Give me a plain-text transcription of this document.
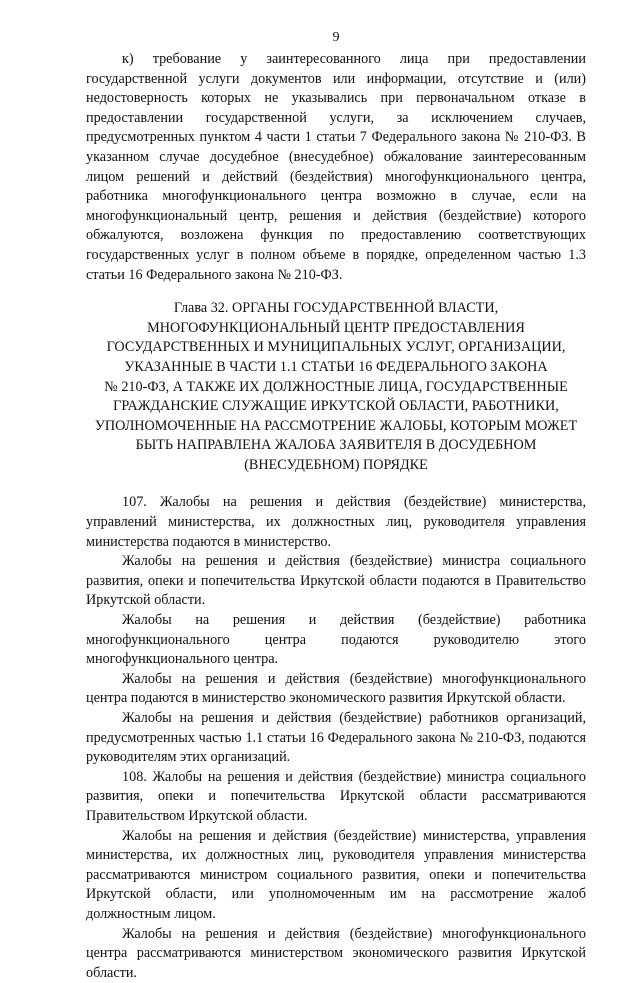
9

к) требование у заинтересованного лица при предоставлении государственной услуги документов или информации, отсутствие и (или) недостоверность которых не указывались при первоначальном отказе в предоставлении государственной услуги, за исключением случаев, предусмотренных пунктом 4 части 1 статьи 7 Федерального закона № 210-ФЗ. В указанном случае досудебное (внесудебное) обжалование заинтересованным лицом решений и действий (бездействия) многофункционального центра, работника многофункционального центра возможно в случае, если на многофункциональный центр, решения и действия (бездействие) которого обжалуются, возложена функция по предоставлению соответствующих государственных услуг в полном объеме в порядке, определенном частью 1.3 статьи 16 Федерального закона № 210-ФЗ.

Глава 32. ОРГАНЫ ГОСУДАРСТВЕННОЙ ВЛАСТИ,
МНОГОФУНКЦИОНАЛЬНЫЙ ЦЕНТР ПРЕДОСТАВЛЕНИЯ
ГОСУДАРСТВЕННЫХ И МУНИЦИПАЛЬНЫХ УСЛУГ, ОРГАНИЗАЦИИ,
УКАЗАННЫЕ В ЧАСТИ 1.1 СТАТЬИ 16 ФЕДЕРАЛЬНОГО ЗАКОНА
№ 210-ФЗ, А ТАКЖЕ ИХ ДОЛЖНОСТНЫЕ ЛИЦА, ГОСУДАРСТВЕННЫЕ
ГРАЖДАНСКИЕ СЛУЖАЩИЕ ИРКУТСКОЙ ОБЛАСТИ, РАБОТНИКИ,
УПОЛНОМОЧЕННЫЕ НА РАССМОТРЕНИЕ ЖАЛОБЫ, КОТОРЫМ МОЖЕТ
БЫТЬ НАПРАВЛЕНА ЖАЛОБА ЗАЯВИТЕЛЯ В ДОСУДЕБНОМ
(ВНЕСУДЕБНОМ) ПОРЯДКЕ

107. Жалобы на решения и действия (бездействие) министерства, управлений министерства, их должностных лиц, руководителя управления министерства подаются в министерство.

Жалобы на решения и действия (бездействие) министра социального развития, опеки и попечительства Иркутской области подаются в Правительство Иркутской области.

Жалобы на решения и действия (бездействие) работника многофункционального центра подаются руководителю этого многофункционального центра.

Жалобы на решения и действия (бездействие) многофункционального центра подаются в министерство экономического развития Иркутской области.

Жалобы на решения и действия (бездействие) работников организаций, предусмотренных частью 1.1 статьи 16 Федерального закона № 210-ФЗ, подаются руководителям этих организаций.

108. Жалобы на решения и действия (бездействие) министра социального развития, опеки и попечительства Иркутской области рассматриваются Правительством Иркутской области.

Жалобы на решения и действия (бездействие) министерства, управления министерства, их должностных лиц, руководителя управления министерства рассматриваются министром социального развития, опеки и попечительства Иркутской области, или уполномоченным им на рассмотрение жалоб должностным лицом.

Жалобы на решения и действия (бездействие) многофункционального центра рассматриваются министерством экономического развития Иркутской области.
